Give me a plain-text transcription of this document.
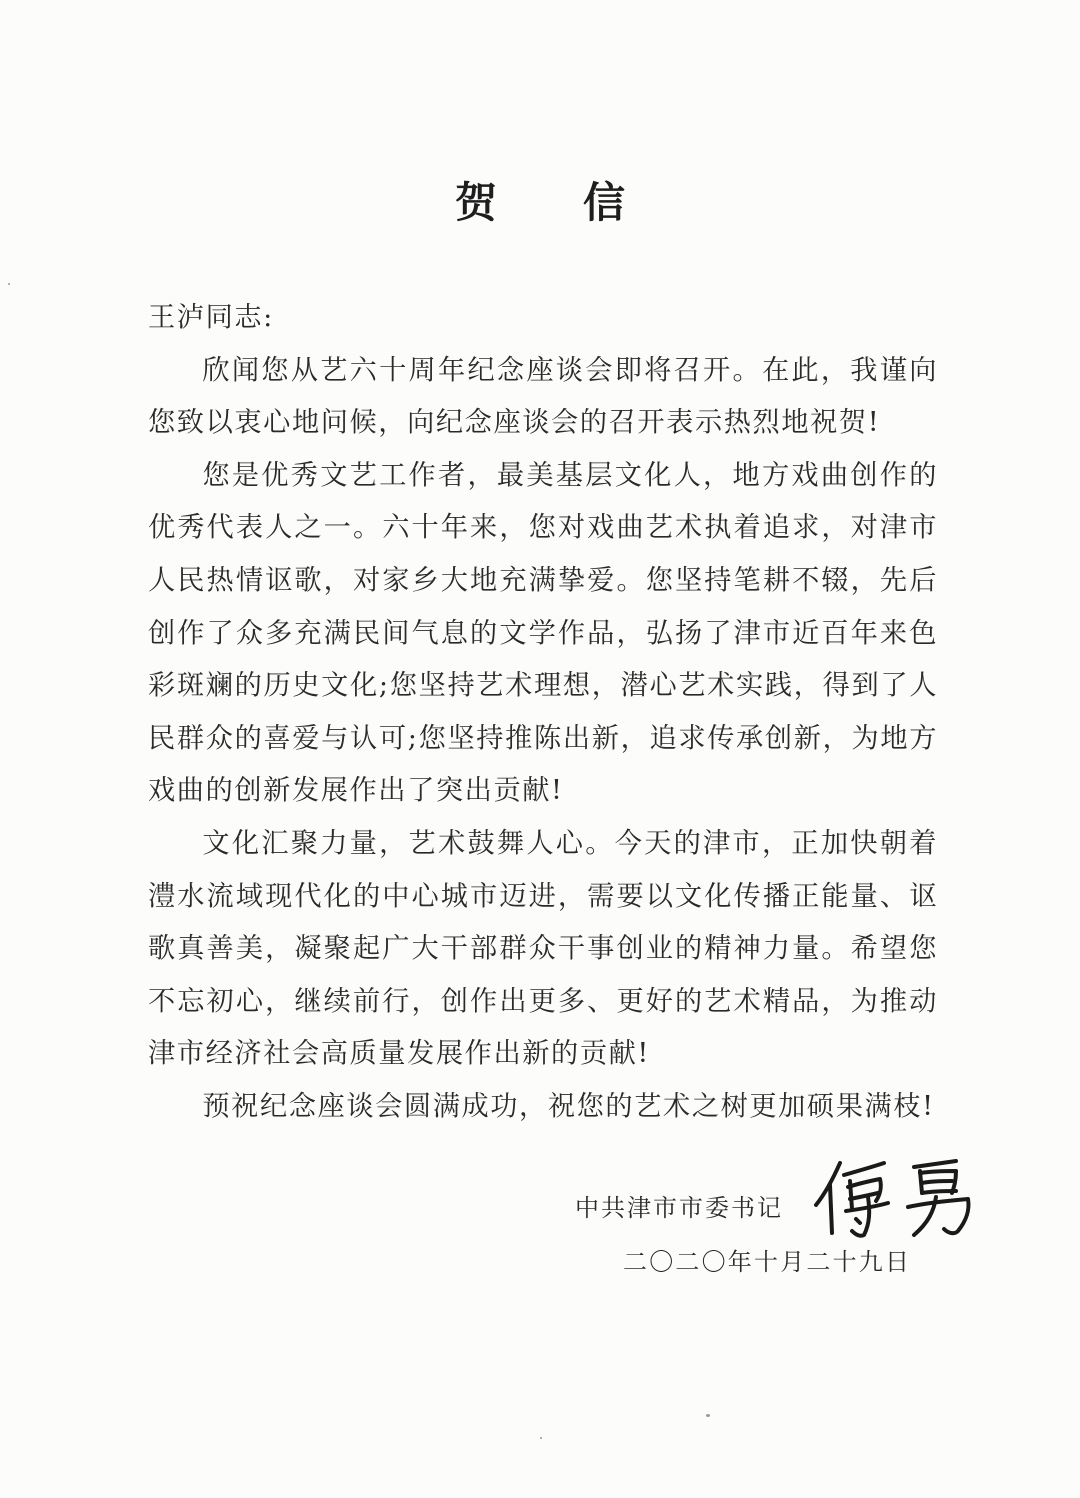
贺信

王泸同志:

欣闻您从艺六十周年纪念座谈会即将召开。在此，我谨向您致以衷心地问候，向纪念座谈会的召开表示热烈地祝贺!

您是优秀文艺工作者，最美基层文化人，地方戏曲创作的优秀代表人之一。六十年来，您对戏曲艺术执着追求，对津市人民热情讴歌，对家乡大地充满挚爱。您坚持笔耕不辍，先后创作了众多充满民间气息的文学作品，弘扬了津市近百年来色彩斑斓的历史文化;您坚持艺术理想，潜心艺术实践，得到了人民群众的喜爱与认可;您坚持推陈出新，追求传承创新，为地方戏曲的创新发展作出了突出贡献!

文化汇聚力量，艺术鼓舞人心。今天的津市，正加快朝着澧水流域现代化的中心城市迈进，需要以文化传播正能量、讴歌真善美，凝聚起广大干部群众干事创业的精神力量。希望您不忘初心，继续前行，创作出更多、更好的艺术精品，为推动津市经济社会高质量发展作出新的贡献!

预祝纪念座谈会圆满成功，祝您的艺术之树更加硕果满枝!

中共津市市委书记
二〇二〇年十月二十九日
